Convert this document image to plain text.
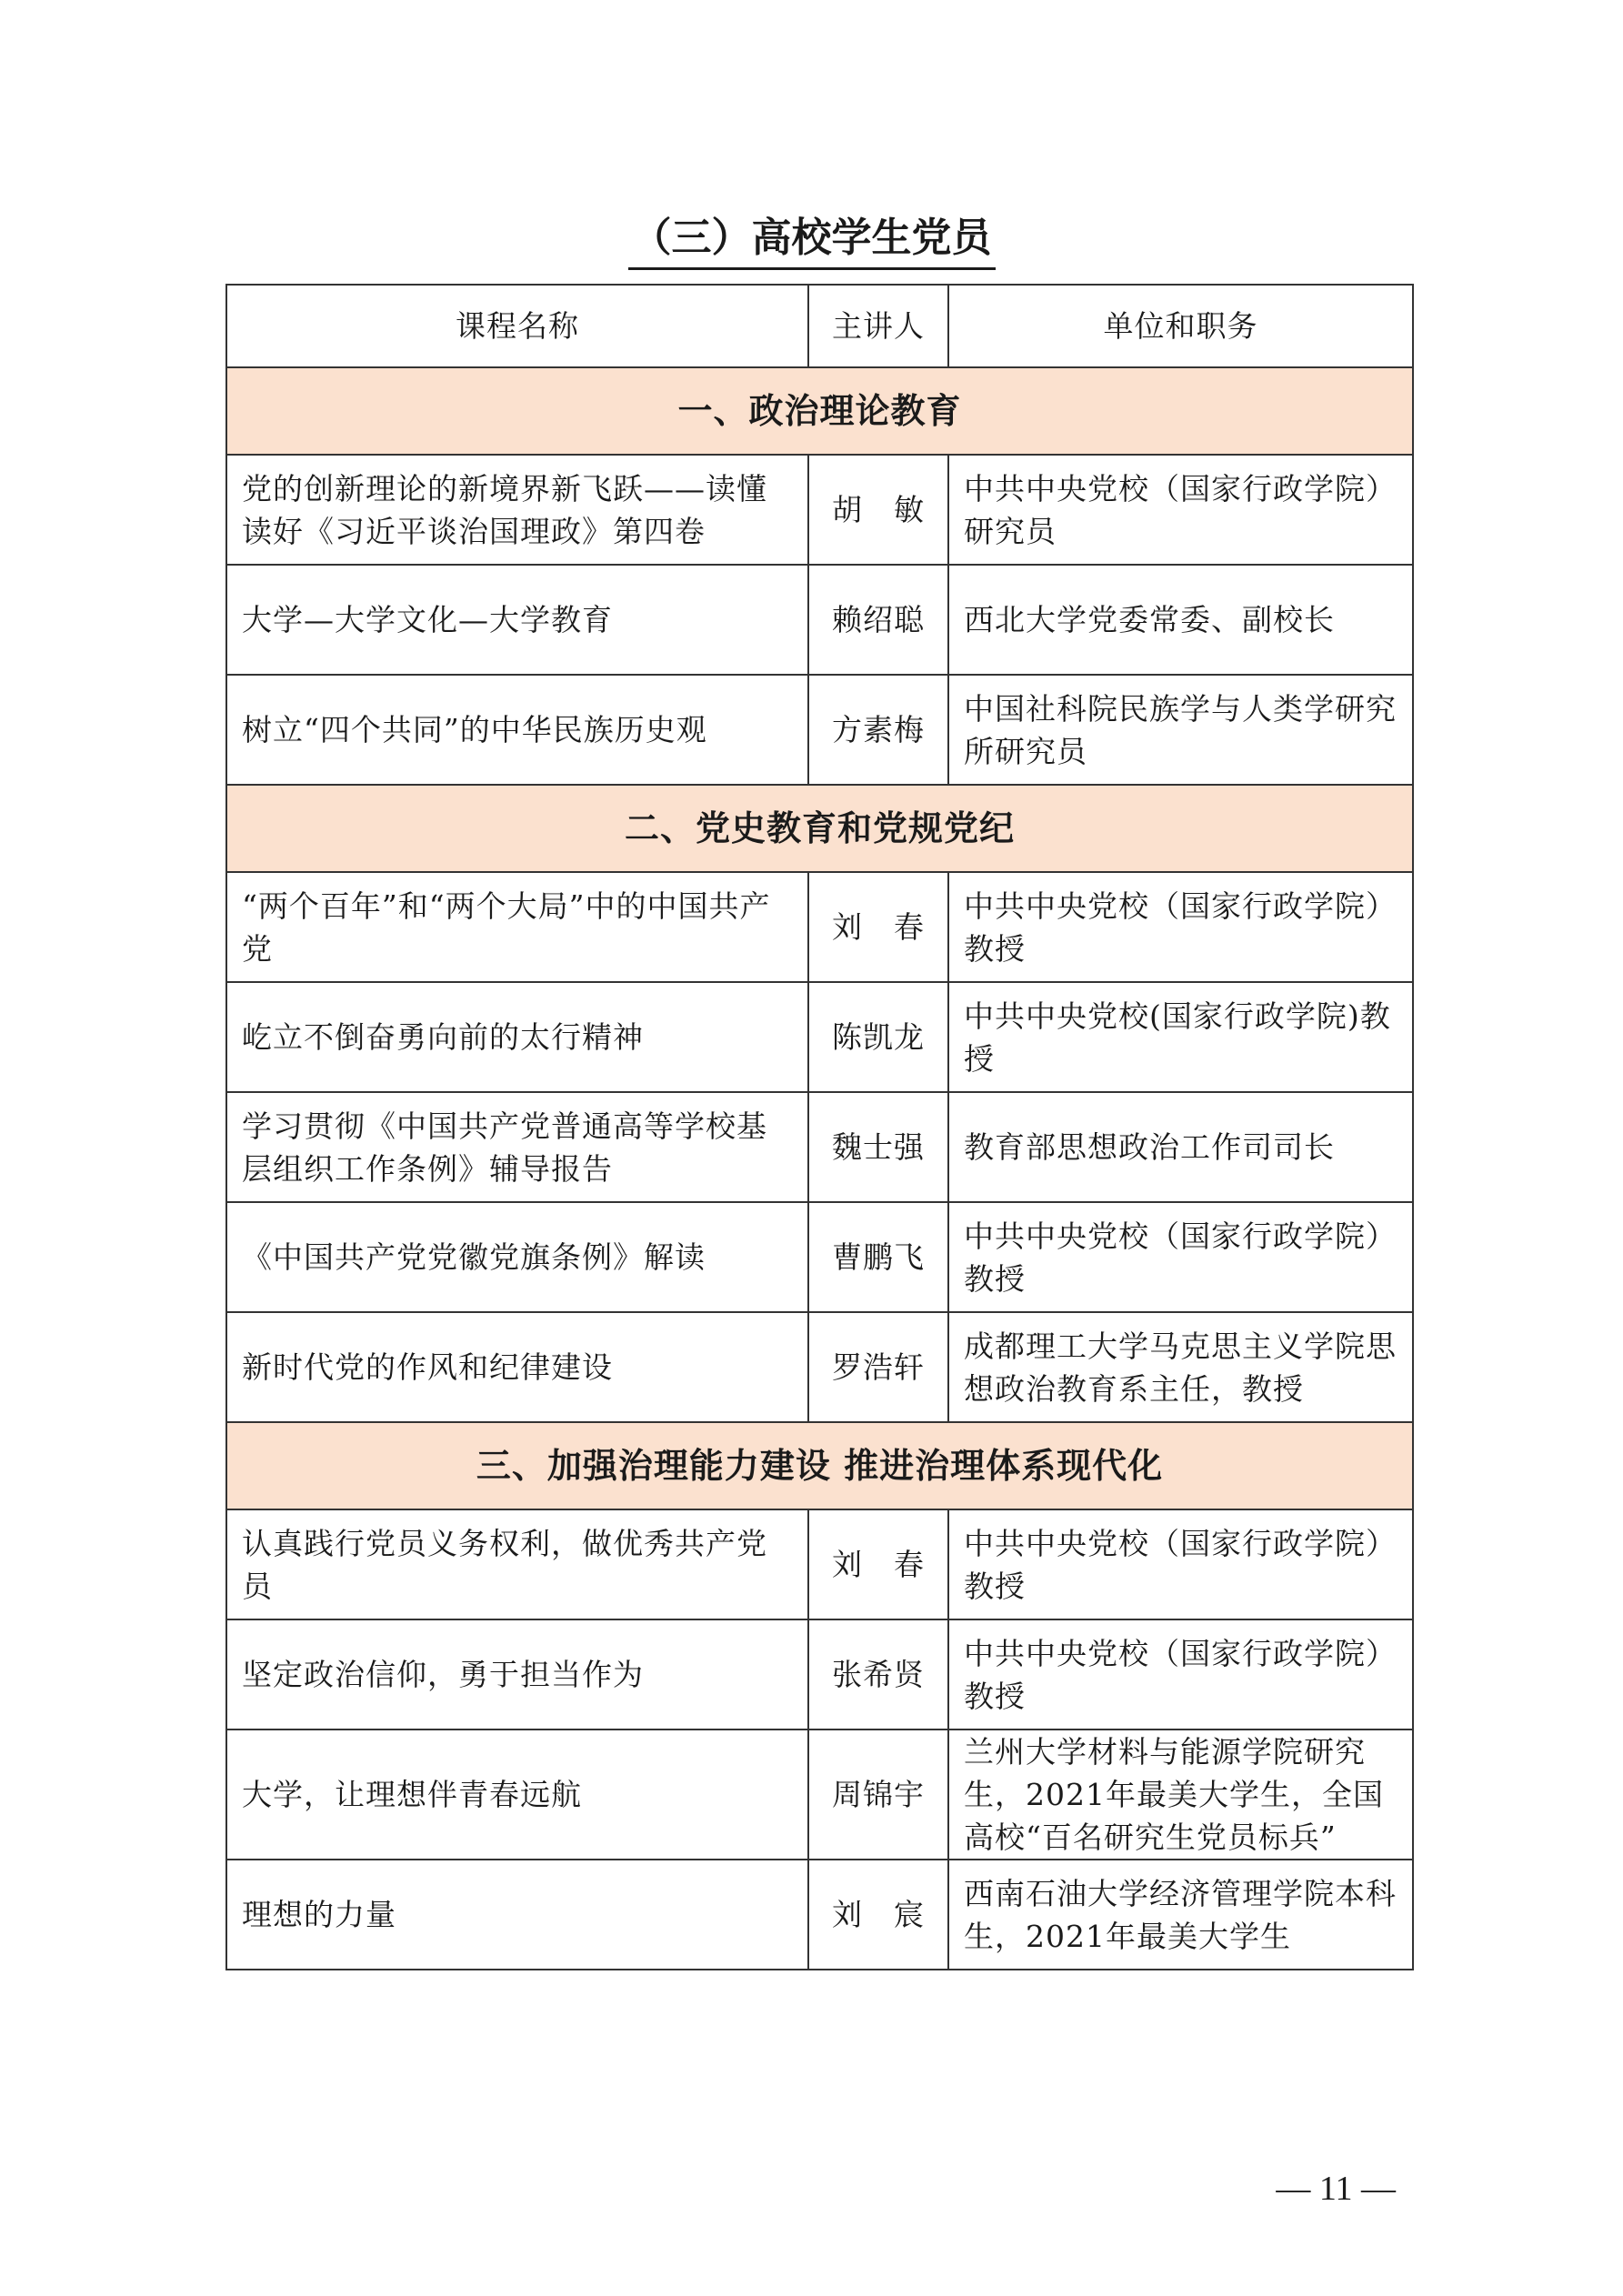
（三）高校学生党员
课程名称	主讲人	单位和职务
一、政治理论教育		
党的创新理论的新境界新飞跃——读懂读好《习近平谈治国理政》第四卷	胡　敏	中共中央党校（国家行政学院）研究员
大学—大学文化—大学教育	赖绍聪	西北大学党委常委、副校长
树立“四个共同”的中华民族历史观	方素梅	中国社科院民族学与人类学研究所研究员
二、党史教育和党规党纪		
“两个百年”和“两个大局”中的中国共产党	刘　春	中共中央党校（国家行政学院）教授
屹立不倒奋勇向前的太行精神	陈凯龙	中共中央党校(国家行政学院)教授
学习贯彻《中国共产党普通高等学校基层组织工作条例》辅导报告	魏士强	教育部思想政治工作司司长
《中国共产党党徽党旗条例》解读	曹鹏飞	中共中央党校（国家行政学院）教授
新时代党的作风和纪律建设	罗浩轩	成都理工大学马克思主义学院思想政治教育系主任，教授
三、加强治理能力建设 推进治理体系现代化		
认真践行党员义务权利，做优秀共产党员	刘　春	中共中央党校（国家行政学院）教授
坚定政治信仰，勇于担当作为	张希贤	中共中央党校（国家行政学院）教授
大学，让理想伴青春远航	周锦宇	兰州大学材料与能源学院研究生，2021年最美大学生，全国高校“百名研究生党员标兵”
理想的力量	刘　宸	西南石油大学经济管理学院本科生，2021年最美大学生
— 11 —
